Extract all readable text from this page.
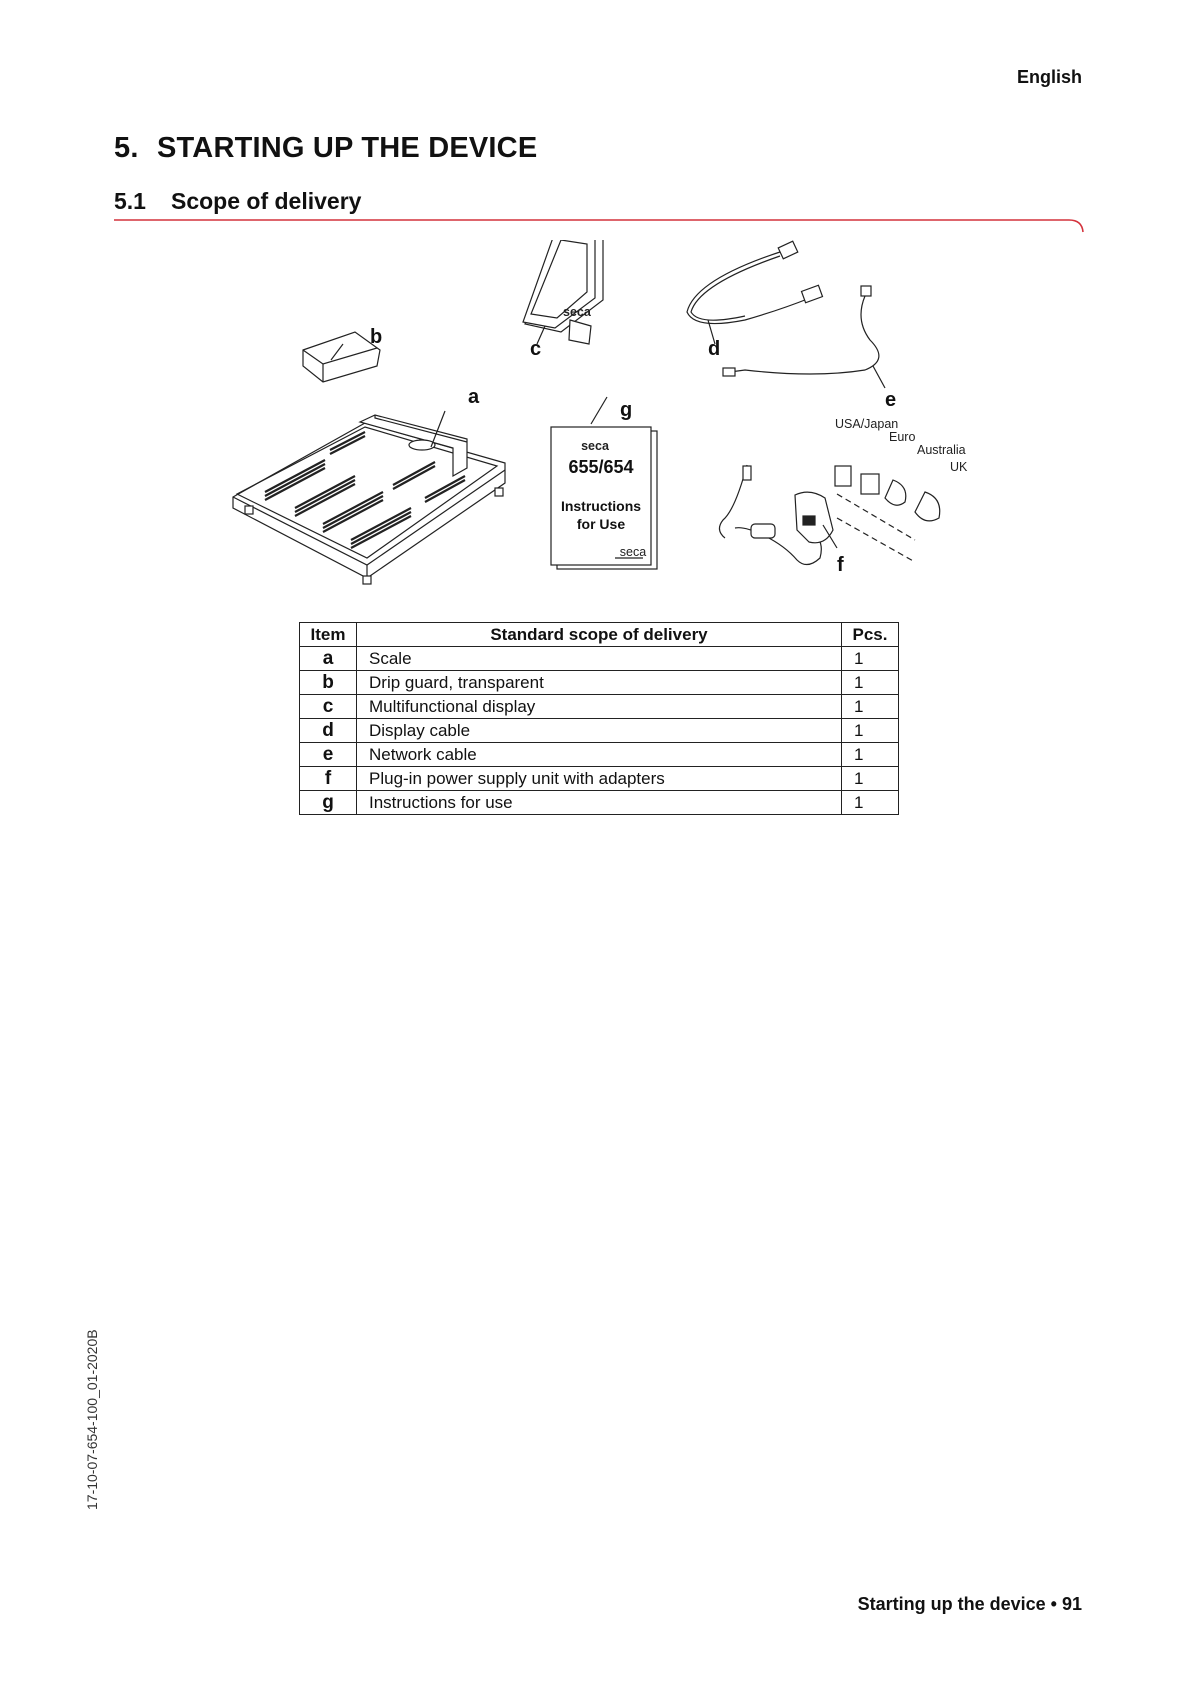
English
5. STARTING UP THE DEVICE
5.1 Scope of delivery
b
a
seca
c	d
e
seca
655/654
Instructions
for Use
seca
g
USA/Japan
Euro
Australia
UK
f
Item	Standard scope of delivery	Pcs.
a	Scale	1
b	Drip guard, transparent	1
c	Multifunctional display	1
d	Display cable	1
e	Network cable	1
f	Plug-in power supply unit with adapters	1
g	Instructions for use	1
17-10-07-654-100_01-2020B
Starting up the device • 91
